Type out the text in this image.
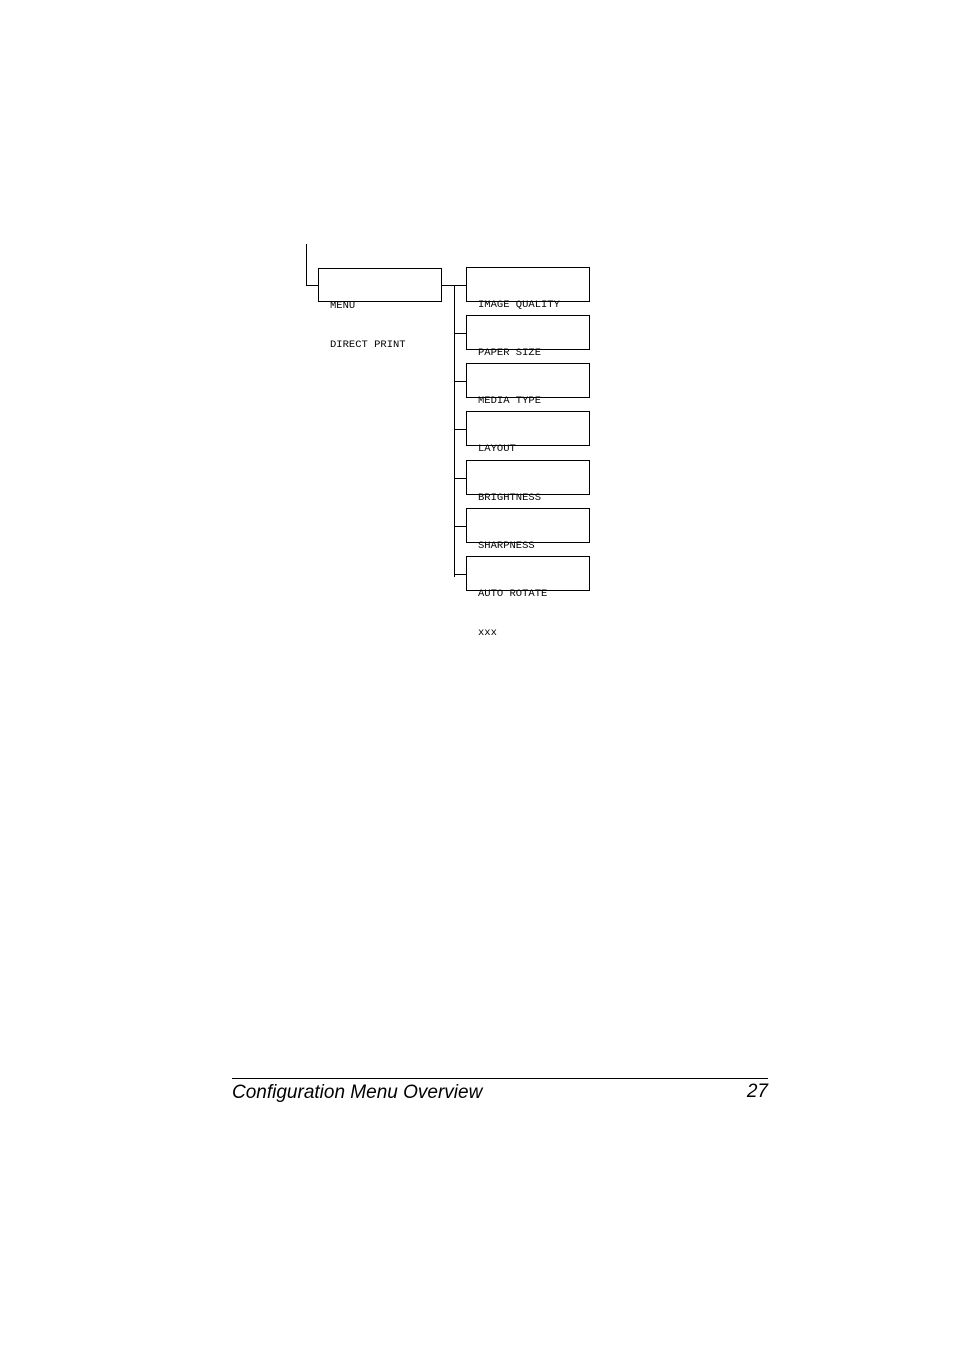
MENU

DIRECT PRINT

IMAGE QUALITY

PAPER SIZE

MEDIA TYPE

LAYOUT

BRIGHTNESS

SHARPNESS

AUTO ROTATE

xxx

Configuration Menu Overview	27
